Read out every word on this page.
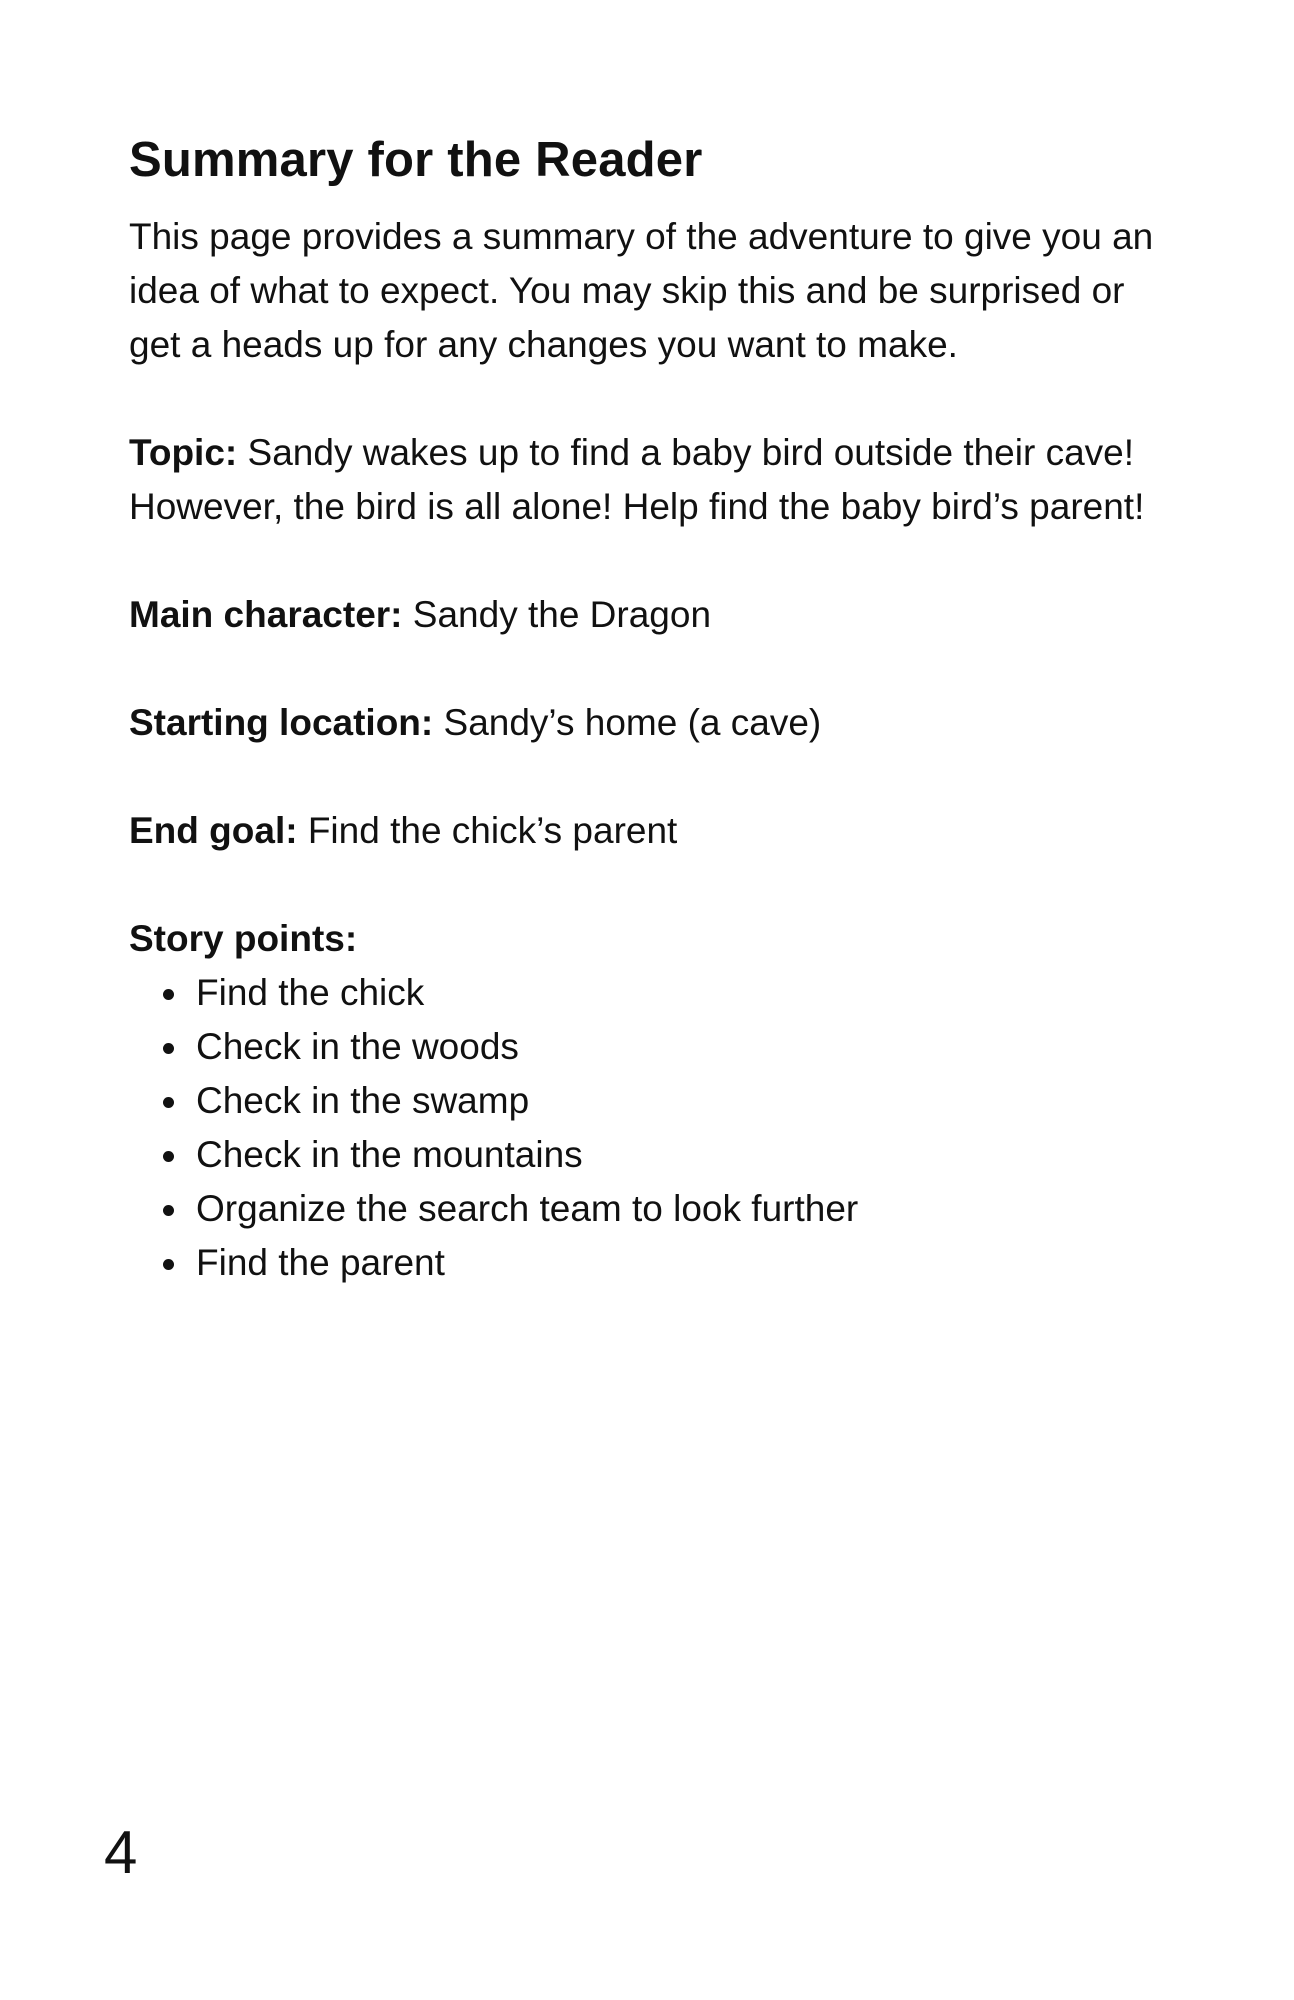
Summary for the Reader

This page provides a summary of the adventure to give you an idea of what to expect. You may skip this and be surprised or get a heads up for any changes you want to make.

Topic: Sandy wakes up to find a baby bird outside their cave! However, the bird is all alone! Help find the baby bird’s parent!

Main character: Sandy the Dragon

Starting location: Sandy’s home (a cave)

End goal: Find the chick’s parent

Story points:

Find the chick
Check in the woods
Check in the swamp
Check in the mountains
Organize the search team to look further
Find the parent
4
